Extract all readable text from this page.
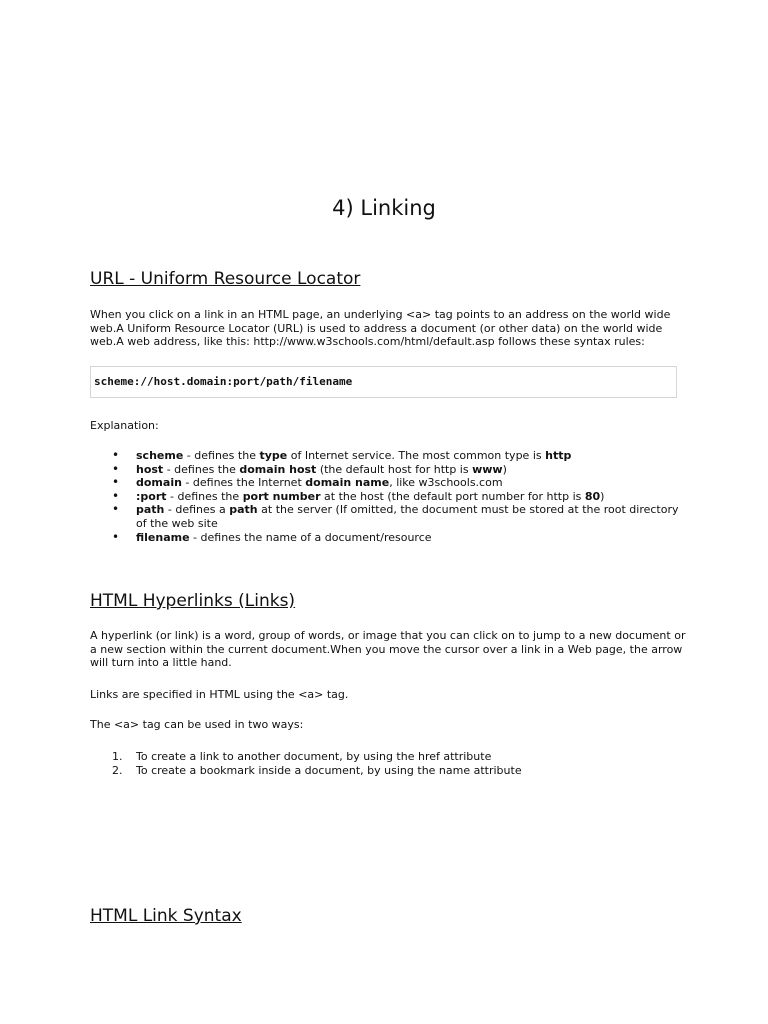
4) Linking
URL - Uniform Resource Locator

When you click on a link in an HTML page, an underlying <a> tag points to an address on the world wide web.A Uniform Resource Locator (URL) is used to address a document (or other data) on the world wide web.A web address, like this: http://www.w3schools.com/html/default.asp follows these syntax rules:

scheme://host.domain:port/path/filename

Explanation:

• scheme - defines the type of Internet service. The most common type is http
• host - defines the domain host (the default host for http is www)
• domain - defines the Internet domain name, like w3schools.com
• :port - defines the port number at the host (the default port number for http is 80)
• path - defines a path at the server (If omitted, the document must be stored at the root directory of the web site
• filename - defines the name of a document/resource
HTML Hyperlinks (Links)

A hyperlink (or link) is a word, group of words, or image that you can click on to jump to a new document or a new section within the current document.When you move the cursor over a link in a Web page, the arrow will turn into a little hand.

Links are specified in HTML using the <a> tag.

The <a> tag can be used in two ways:

1. To create a link to another document, by using the href attribute
2. To create a bookmark inside a document, by using the name attribute
HTML Link Syntax
